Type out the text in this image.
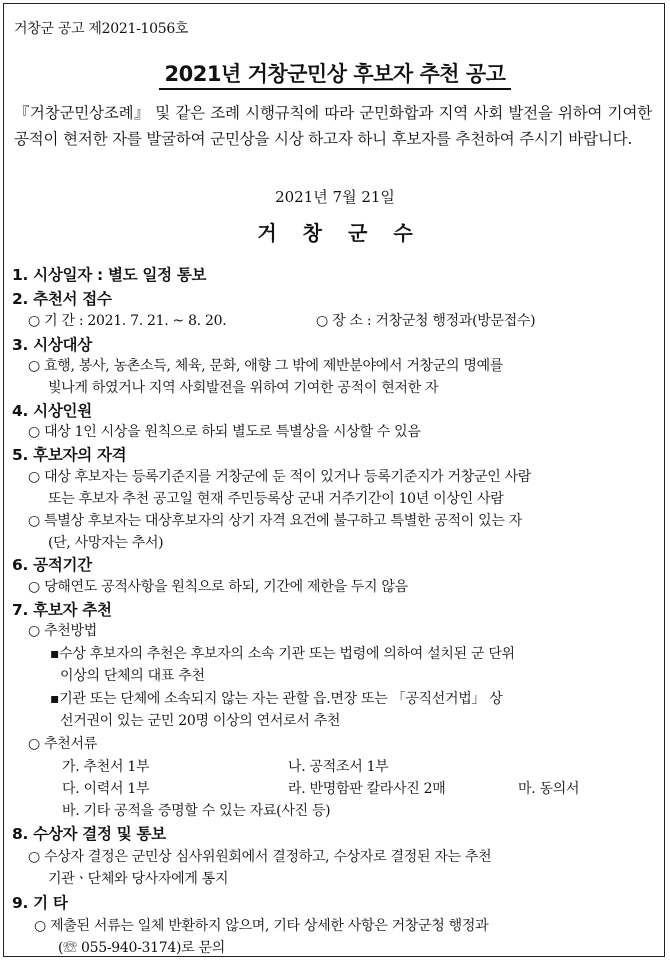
거창군 공고 제2021-1056호
2021년 거창군민상 후보자 추천 공고
『거창군민상조례』 및 같은 조례 시행규칙에 따라 군민화합과 지역 사회 발전을 위하여 기여한 공적이 현저한 자를 발굴하여 군민상을 시상 하고자 하니 후보자를 추천하여 주시기 바랍니다.
2021년 7월 21일
거창군수
1. 시상일자 : 별도 일정 통보
2. 추천서 접수
○ 기 간 : 2021. 7. 21. ~ 8. 20.	○ 장 소 : 거창군청 행정과(방문접수)
3. 시상대상
○ 효행, 봉사, 농촌소득, 체육, 문화, 애향 그 밖에 제반분야에서 거창군의 명예를
빛나게 하였거나 지역 사회발전을 위하여 기여한 공적이 현저한 자
4. 시상인원
○ 대상 1인 시상을 원칙으로 하되 별도로 특별상을 시상할 수 있음
5. 후보자의 자격
○ 대상 후보자는 등록기준지를 거창군에 둔 적이 있거나 등록기준지가 거창군인 사람
또는 후보자 추천 공고일 현재 주민등록상 군내 거주기간이 10년 이상인 사람
○ 특별상 후보자는 대상후보자의 상기 자격 요건에 불구하고 특별한 공적이 있는 자
(단, 사망자는 추서)
6. 공적기간
○ 당해연도 공적사항을 원칙으로 하되, 기간에 제한을 두지 않음
7. 후보자 추천
○ 추천방법
▪수상 후보자의 추천은 후보자의 소속 기관 또는 법령에 의하여 설치된 군 단위
이상의 단체의 대표 추천
▪기관 또는 단체에 소속되지 않는 자는 관할 읍.면장 또는 「공직선거법」 상
선거권이 있는 군민 20명 이상의 연서로서 추천
○ 추천서류
가. 추천서 1부	나. 공적조서 1부
다. 이력서 1부	라. 반명함판 칼라사진 2매	마. 동의서
바. 기타 공적을 증명할 수 있는 자료(사진 등)
8. 수상자 결정 및 통보
○ 수상자 결정은 군민상 심사위원회에서 결정하고, 수상자로 결정된 자는 추천
기관ㆍ단체와 당사자에게 통지
9. 기 타
○ 제출된 서류는 일체 반환하지 않으며, 기타 상세한 사항은 거창군청 행정과
(☏ 055-940-3174)로 문의
